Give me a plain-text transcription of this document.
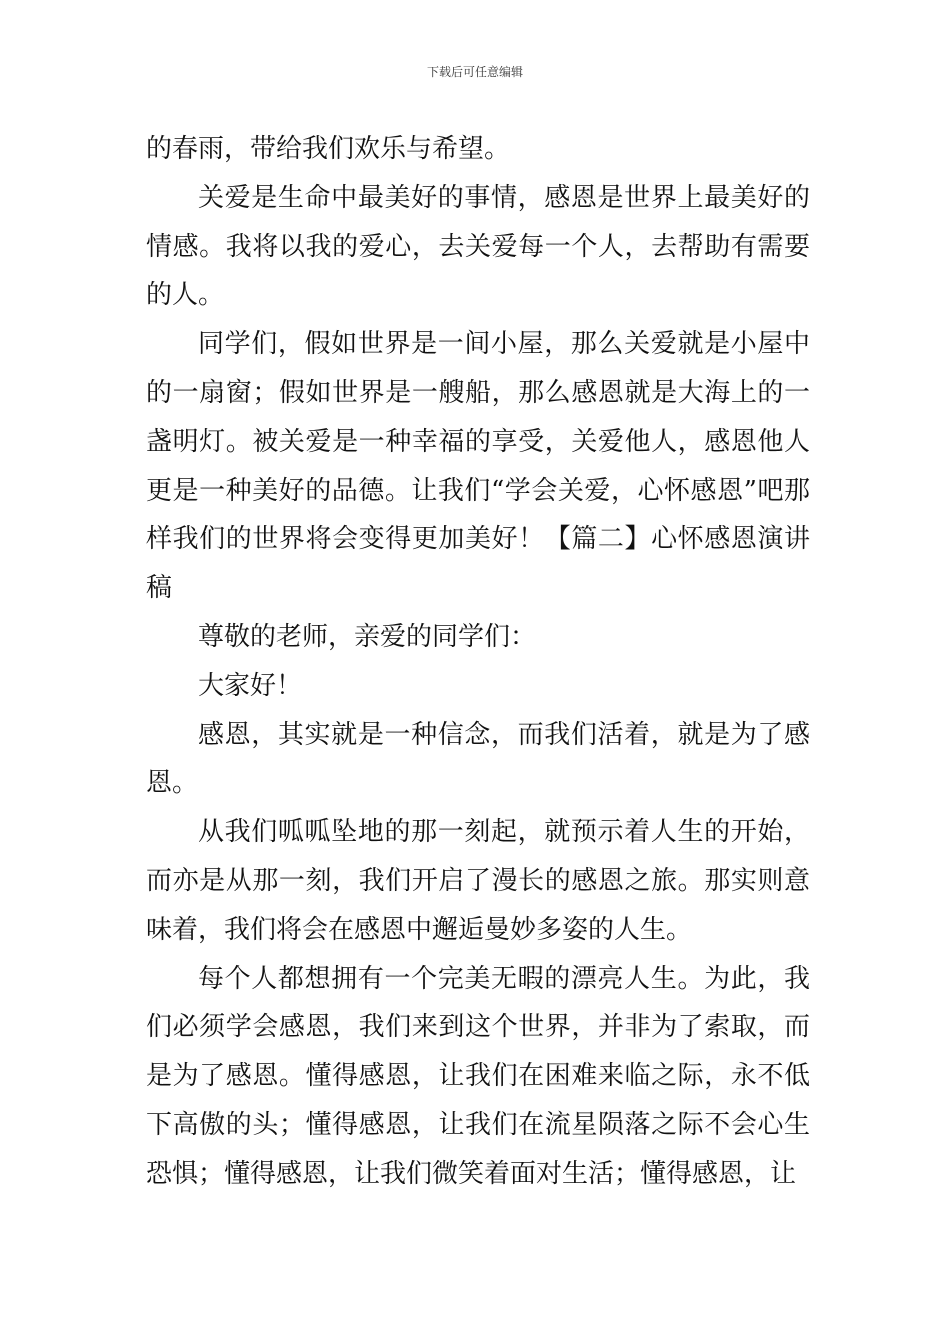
下载后可任意编辑

的春雨，带给我们欢乐与希望。

关爱是生命中最美好的事情，感恩是世界上最美好的情感。我将以我的爱心，去关爱每一个人，去帮助有需要的人。

同学们，假如世界是一间小屋，那么关爱就是小屋中的一扇窗；假如世界是一艘船，那么感恩就是大海上的一盏明灯。被关爱是一种幸福的享受，关爱他人，感恩他人更是一种美好的品德。让我们“学会关爱，心怀感恩”吧那样我们的世界将会变得更加美好！【篇二】心怀感恩演讲稿

尊敬的老师，亲爱的同学们：

大家好！

感恩，其实就是一种信念，而我们活着，就是为了感恩。

从我们呱呱坠地的那一刻起，就预示着人生的开始，而亦是从那一刻，我们开启了漫长的感恩之旅。那实则意味着，我们将会在感恩中邂逅曼妙多姿的人生。

每个人都想拥有一个完美无暇的漂亮人生。为此，我们必须学会感恩，我们来到这个世界，并非为了索取，而是为了感恩。懂得感恩，让我们在困难来临之际，永不低下高傲的头；懂得感恩，让我们在流星陨落之际不会心生恐惧；懂得感恩，让我们微笑着面对生活；懂得感恩，让
